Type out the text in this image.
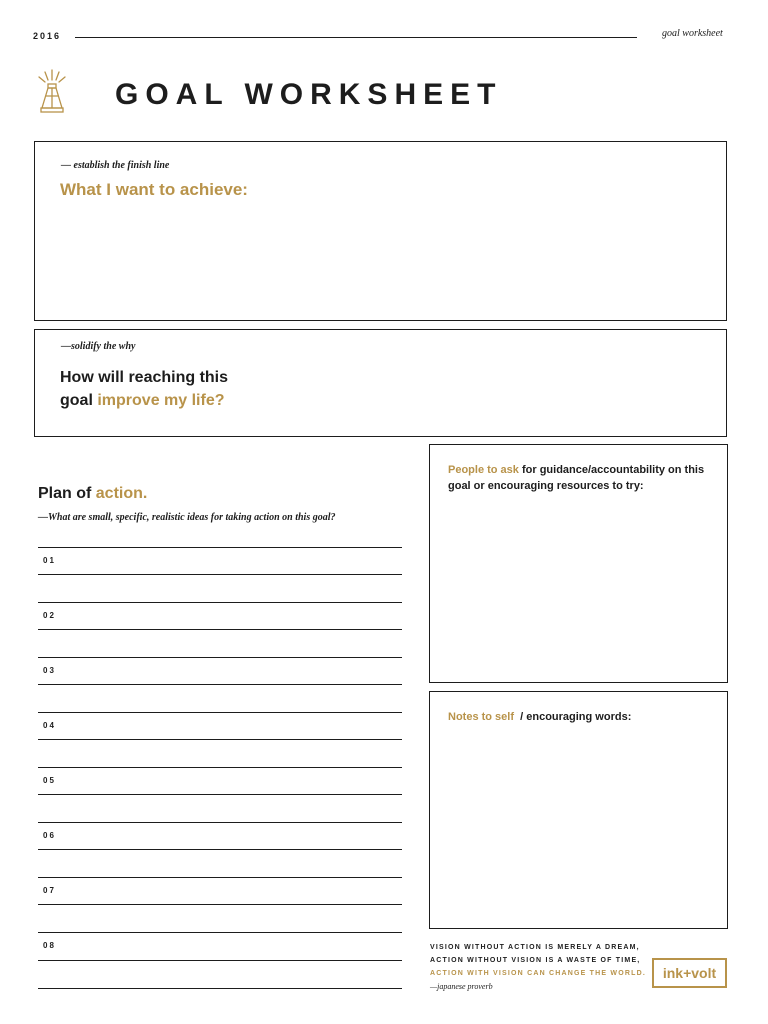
2016	goal worksheet
GOAL WORKSHEET
— establish the finish line
What I want to achieve:
—solidify the why
How will reaching this
goal improve my life?
People to ask for guidance/accountability on this goal or encouraging resources to try:
Notes to self  / encouraging words:
Plan of action.
—What are small, specific, realistic ideas for taking action on this goal?
01
02
03
04
05
06
07
08	VISION WITHOUT ACTION IS MERELY A DREAM,
ACTION WITHOUT VISION IS A WASTE OF TIME,
ACTION WITH VISION CAN CHANGE THE WORLD.
—japanese proverb
ink+volt
